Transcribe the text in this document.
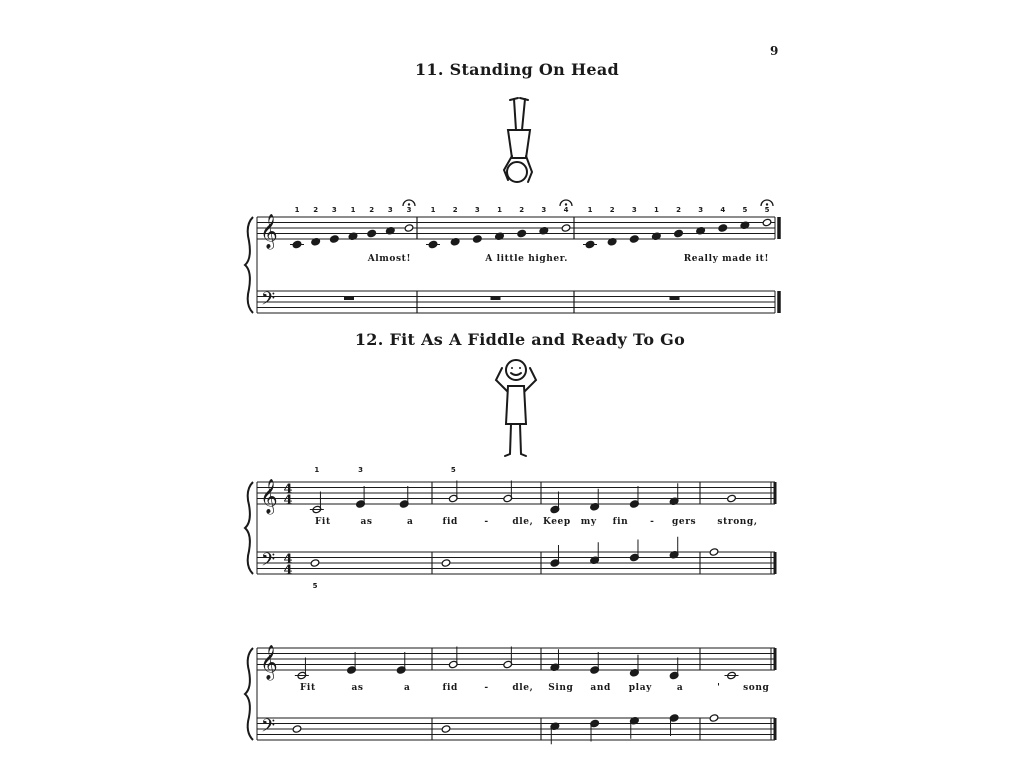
9
11. Standing On Head
𝄞
𝄢
1 2 3 1 2 3 3
Almost!
1 2 3 1 2 3 4
A little higher.
1 2 3 1 2 3 4 5 5
Really made it!
12. Fit As A Fiddle and Ready To Go
𝄞
𝄢
4
4
4
4
Fit	as	a	fid	-	dle, Keep my fin - gers strong,
1	3	5
5
𝄞
𝄢
Fit	as	a	fid	-	dle, Sing and play	a	'	song
